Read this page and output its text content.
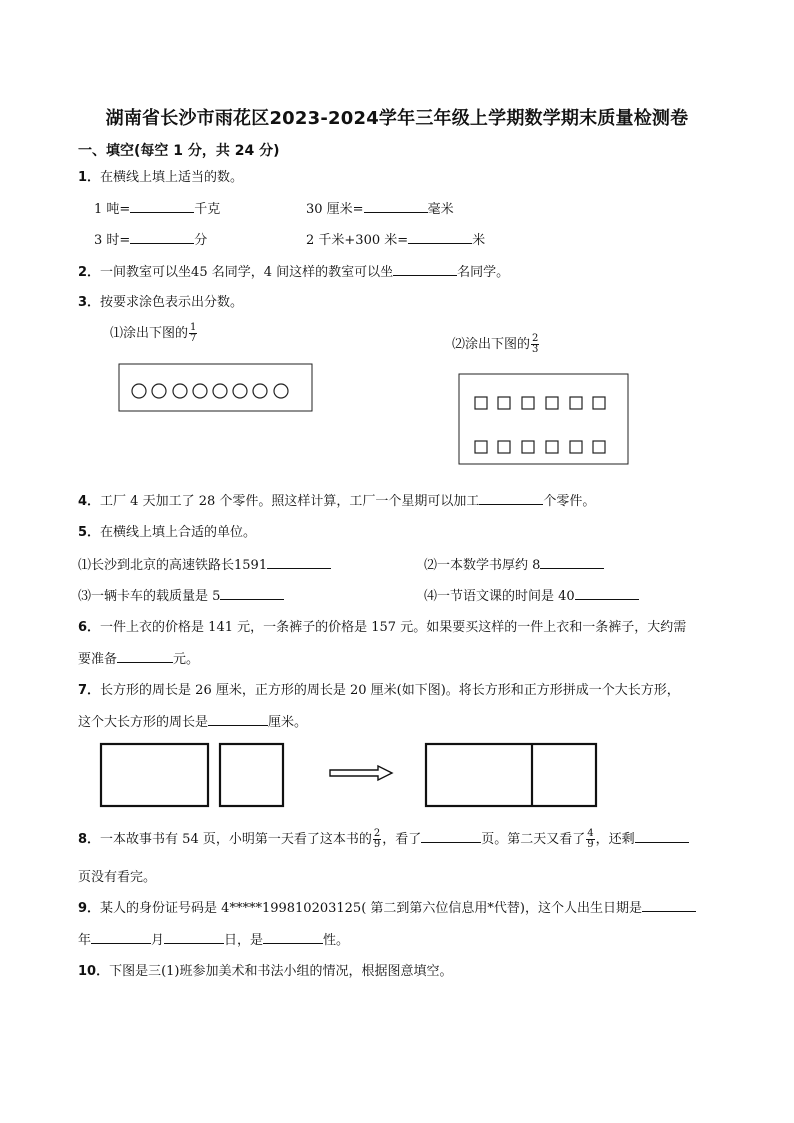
湖南省长沙市雨花区2023-2024学年三年级上学期数学期末质量检测卷
一、填空(每空 1 分，共 24 分)
1．在横线上填上适当的数。
1 吨=	千克	30 厘米=	毫米
3 时=	分	2 千米+300 米=	米
2．一间教室可以坐45 名同学，4 间这样的教室可以坐	名同学。
3．按要求涂色表示出分数。
⑴涂出下图的 $\frac{1}{7}$
⑵涂出下图的 $\frac{2}{3}$
4．工厂 4 天加工了 28 个零件。照这样计算，工厂一个星期可以加工	个零件。
5．在横线上填上合适的单位。
⑴长沙到北京的高速铁路长1591	⑵一本数学书厚约 8
⑶一辆卡车的载质量是 5	⑷一节语文课的时间是 40
6．一件上衣的价格是 141 元，一条裤子的价格是 157 元。如果要买这样的一件上衣和一条裤子，大约需
要准备	元。
7．长方形的周长是 26 厘米，正方形的周长是 20 厘米(如下图)。将长方形和正方形拼成一个大长方形，
这个大长方形的周长是	厘米。
8．一本故事书有 54 页，小明第一天看了这本书的 $\frac{2}{9}$ ，看了	页。第二天又看了 $\frac{4}{9}$ ，还剩
页没有看完。
9．某人的身份证号码是 4*****199810203125( 第二到第六位信息用*代替)，这个人出生日期是
年	月	日，是	性。
10．下图是三(1)班参加美术和书法小组的情况，根据图意填空。
